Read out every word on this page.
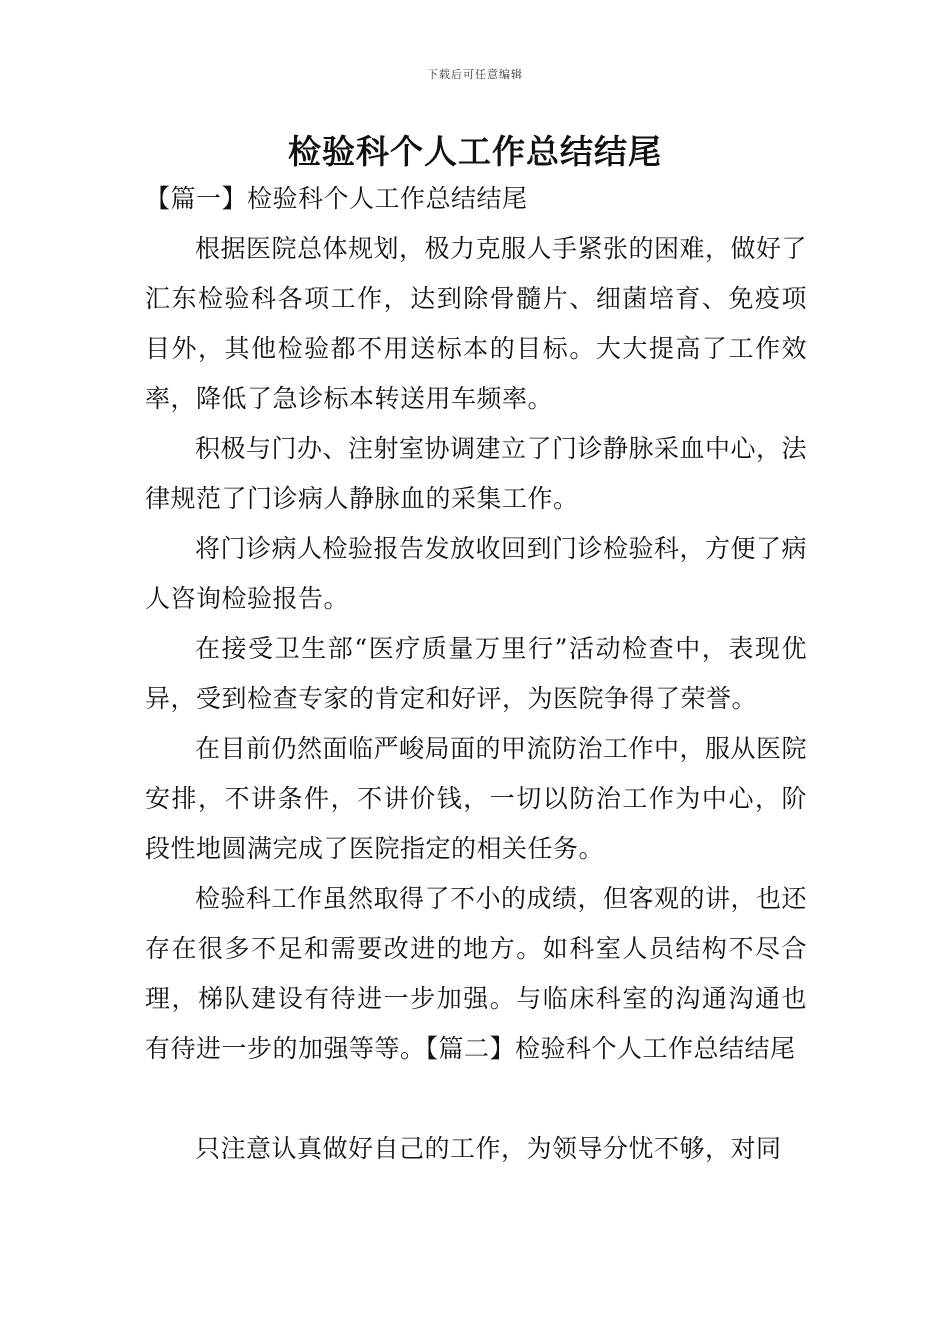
下载后可任意编辑
检验科个人工作总结结尾

【篇一】检验科个人工作总结结尾

根据医院总体规划，极力克服人手紧张的困难，做好了汇东检验科各项工作，达到除骨髓片、细菌培育、免疫项目外，其他检验都不用送标本的目标。大大提高了工作效率，降低了急诊标本转送用车频率。

积极与门办、注射室协调建立了门诊静脉采血中心，法律规范了门诊病人静脉血的采集工作。

将门诊病人检验报告发放收回到门诊检验科，方便了病人咨询检验报告。

在接受卫生部“医疗质量万里行”活动检查中，表现优异，受到检查专家的肯定和好评，为医院争得了荣誉。

在目前仍然面临严峻局面的甲流防治工作中，服从医院安排，不讲条件，不讲价钱，一切以防治工作为中心，阶段性地圆满完成了医院指定的相关任务。

检验科工作虽然取得了不小的成绩，但客观的讲，也还存在很多不足和需要改进的地方。如科室人员结构不尽合理，梯队建设有待进一步加强。与临床科室的沟通沟通也有待进一步的加强等等。【篇二】检验科个人工作总结结尾

只注意认真做好自己的工作，为领导分忧不够，对同
